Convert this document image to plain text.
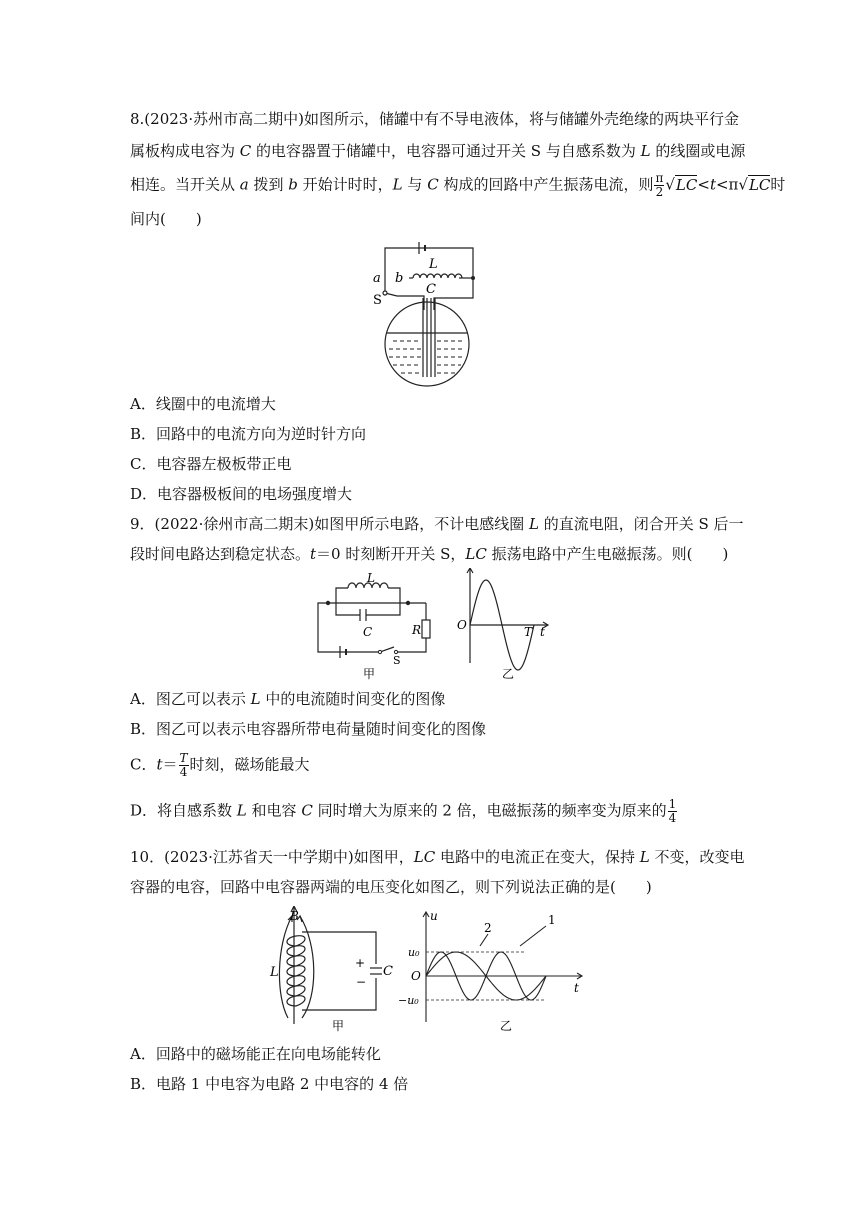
8.(2023·苏州市高二期中)如图所示，储罐中有不导电液体，将与储罐外壳绝缘的两块平行金
属板构成电容为 C 的电容器置于储罐中，电容器可通过开关 S 与自感系数为 L 的线圈或电源
相连。当开关从 a 拨到 b 开始计时时，L 与 C 构成的回路中产生振荡电流，则 $\frac{\pi}{2} √LC<t<\pi√LC$时
间内(　　)
a b
L
C
S
A．线圈中的电流增大
B．回路中的电流方向为逆时针方向
C．电容器左极板带正电
D．电容器极板间的电场强度增大
9．(2022·徐州市高二期末)如图甲所示电路，不计电感线圈 L 的直流电阻，闭合开关 S 后一
段时间电路达到稳定状态。t＝0 时刻断开开关 S，LC 振荡电路中产生电磁振荡。则(　　)
L
C	R
S
甲
O	t
T
乙
A．图乙可以表示 L 中的电流随时间变化的图像
B．图乙可以表示电容器所带电荷量随时间变化的图像
C．$t= \frac{T}{4}$ 时刻，磁场能最大
D．将自感系数 L 和电容 C 同时增大为原来的 2 倍，电磁振荡的频率变为原来的 $\frac{1}{4}$
10．(2023·江苏省天一中学期中)如图甲，LC 电路中的电流正在变大，保持 L 不变，改变电
容器的电容，回路中电容器两端的电压变化如图乙，则下列说法正确的是(　　)
B
L
+
−
C
甲
u
u₀
O
−u₀
t
1
2
乙
A．回路中的磁场能正在向电场能转化
B．电路 1 中电容为电路 2 中电容的 4 倍
